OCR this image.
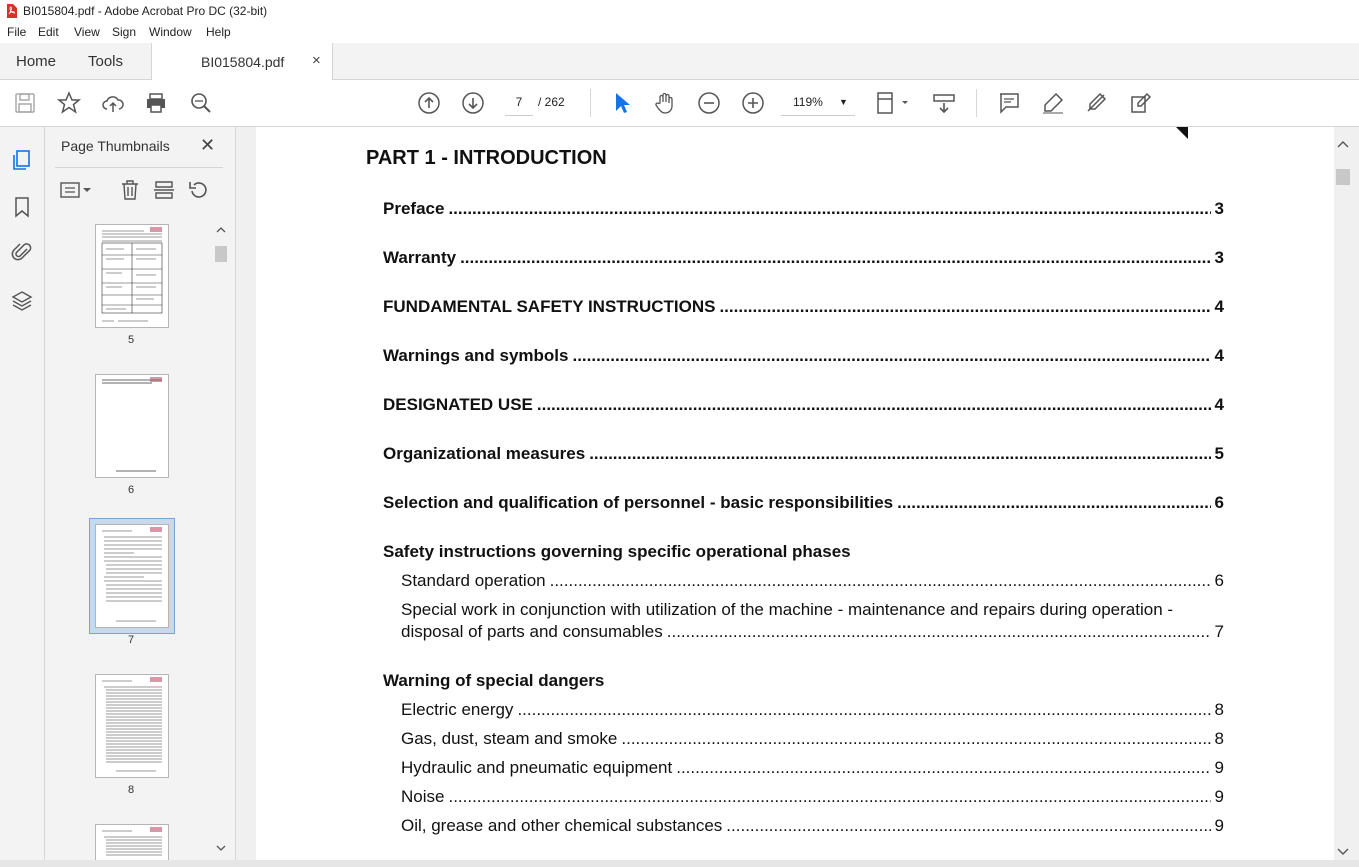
BI015804.pdf - Adobe Acrobat Pro DC (32-bit)
File Edit View Sign Window Help
Home Tools	BI015804.pdf ×
7	/ 262	119% ▼
Page Thumbnails ✕
5
6
7
8
PART 1 - INTRODUCTION
Preface .....	3
Warranty .....	3
FUNDAMENTAL SAFETY INSTRUCTIONS .....	4
Warnings and symbols .....	4
DESIGNATED USE .....	4
Organizational measures .....	5
Selection and qualification of personnel - basic responsibilities .....	6
Safety instructions governing specific operational phases
Standard operation .....	6
Special work in conjunction with utilization of the machine - maintenance and repairs during operation -
disposal of parts and consumables .....	7
Warning of special dangers
Electric energy .....	8
Gas, dust, steam and smoke .....	8
Hydraulic and pneumatic equipment .....	9
Noise .....	9
Oil, grease and other chemical substances .....	9
